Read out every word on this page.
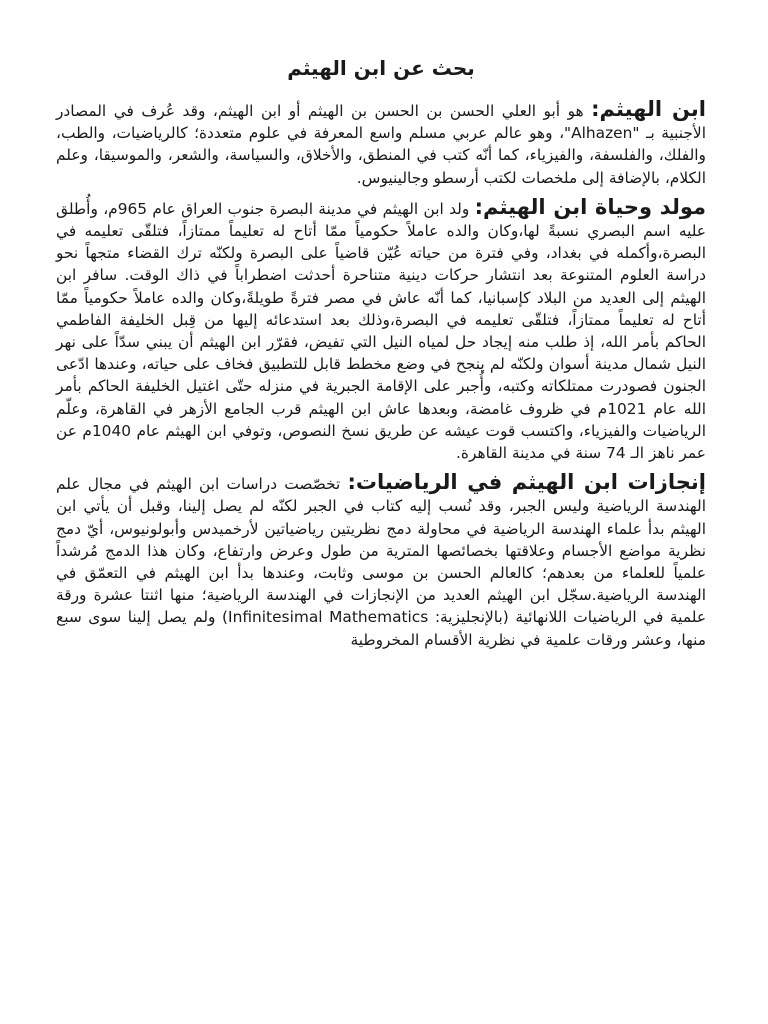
بحث عن ابن الهيثم

ابن الهيثم: هو أبو العلي الحسن بن الحسن بن الهيثم أو ابن الهيثم، وقد عُرف في المصادر الأجنبية بـ "Alhazen"، وهو عالم عربي مسلم واسع المعرفة في علوم متعددة؛ كالرياضيات، والطب، والفلك، والفلسفة، والفيزياء، كما أنّه كتب في المنطق، والأخلاق، والسياسة، والشعر، والموسيقا، وعلم الكلام، بالإضافة إلى ملخصات لكتب أرسطو وجالينيوس.

مولد وحياة ابن الهيثم: ولد ابن الهيثم في مدينة البصرة جنوب العراق عام 965م، وأُطلق عليه اسم البصري نسبةً لها،وكان والده عاملاً حكومياً ممّا أتاح له تعليماً ممتازاً، فتلقّى تعليمه في البصرة،وأكمله في بغداد، وفي فترة من حياته عُيّن قاضياً على البصرة ولكنّه ترك القضاء متجهاً نحو دراسة العلوم المتنوعة بعد انتشار حركات دينية متناحرة أحدثت اضطراباً في ذاك الوقت. سافر ابن الهيثم إلى العديد من البلاد كإسبانيا، كما أنّه عاش في مصر فترةً طويلةً،وكان والده عاملاً حكومياً ممّا أتاح له تعليماً ممتازاً، فتلقّى تعليمه في البصرة،وذلك بعد استدعائه إليها من قِبل الخليفة الفاطمي الحاكم بأمر الله، إذ طلب منه إيجاد حل لمياه النيل التي تفيض، فقرّر ابن الهيثم أن يبني سدّاً على نهر النيل شمال مدينة أسوان ولكنّه لم ينجح في وضع مخطط قابل للتطبيق فخاف على حياته، وعندها ادّعى الجنون فصودرت ممتلكاته وكتبه، وأُجبر على الإقامة الجبرية في منزله حتّى اغتيل الخليفة الحاكم بأمر الله عام 1021م في ظروف غامضة، وبعدها عاش ابن الهيثم قرب الجامع الأزهر في القاهرة، وعلّم الرياضيات والفيزياء، واكتسب قوت عيشه عن طريق نسخ النصوص، وتوفي ابن الهيثم عام 1040م عن عمر ناهز الـ 74 سنة في مدينة القاهرة.

إنجازات ابن الهيثم في الرياضيات: تخصّصت دراسات ابن الهيثم في مجال علم الهندسة الرياضية وليس الجبر، وقد نُسب إليه كتاب في الجبر لكنّه لم يصل إلينا، وقبل أن يأتي ابن الهيثم بدأ علماء الهندسة الرياضية في محاولة دمج نظريتين رياضياتين لأرخميدس وأبولونيوس، أيّ دمج نظرية مواضع الأجسام وعلاقتها بخصائصها المترية من طول وعرض وارتفاع، وكان هذا الدمج مُرشداً علمياً للعلماء من بعدهم؛ كالعالم الحسن بن موسى وثابت، وعندها بدأ ابن الهيثم في التعمّق في الهندسة الرياضية.سجّل ابن الهيثم العديد من الإنجازات في الهندسة الرياضية؛ منها اثنتا عشرة ورقة علمية في الرياضيات اللانهائية (بالإنجليزية: Infinitesimal Mathematics) ولم يصل إلينا سوى سبع منها، وعشر ورقات علمية في نظرية الأقسام المخروطية
